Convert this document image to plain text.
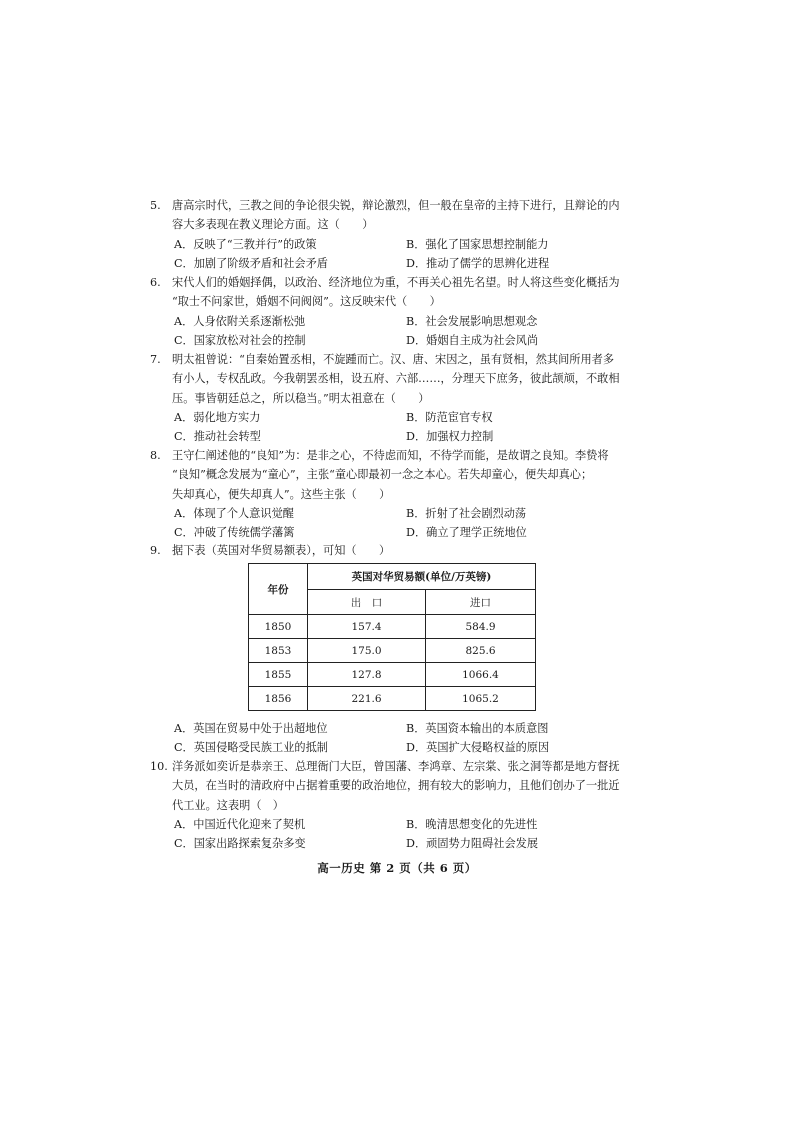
5. 唐高宗时代，三教之间的争论很尖锐，辩论激烈，但一般在皇帝的主持下进行，且辩论的内
容大多表现在教义理论方面。这（　　）
A．反映了“三教并行”的政策	B．强化了国家思想控制能力
C．加剧了阶级矛盾和社会矛盾	D．推动了儒学的思辨化进程
6. 宋代人们的婚姻择偶，以政治、经济地位为重，不再关心祖先名望。时人将这些变化概括为
“取士不问家世，婚姻不问阀阅”。这反映宋代（　　）
A．人身依附关系逐渐松弛	B．社会发展影响思想观念
C．国家放松对社会的控制	D．婚姻自主成为社会风尚
7. 明太祖曾说：“自秦始置丞相，不旋踵而亡。汉、唐、宋因之，虽有贤相，然其间所用者多
有小人，专权乱政。今我朝罢丞相，设五府、六部……，分理天下庶务，彼此颉颃，不敢相
压。事皆朝廷总之，所以稳当。”明太祖意在（　　）
A．弱化地方实力	B．防范宦官专权
C．推动社会转型	D．加强权力控制
8. 王守仁阐述他的“良知”为：是非之心，不待虑而知，不待学而能，是故谓之良知。李贽将
“良知”概念发展为“童心”，主张“童心即最初一念之本心。若失却童心，便失却真心；
失却真心，便失却真人”。这些主张（　　）
A．体现了个人意识觉醒	B．折射了社会剧烈动荡
C．冲破了传统儒学藩篱	D．确立了理学正统地位
9. 据下表（英国对华贸易额表），可知（　　）
年份	英国对华贸易额(单位/万英镑)	
	出　口	进口
1850	157.4	584.9
1853	175.0	825.6
1855	127.8	1066.4
1856	221.6	1065.2
A．英国在贸易中处于出超地位	B．英国资本输出的本质意图
C．英国侵略受民族工业的抵制	D．英国扩大侵略权益的原因
10. 洋务派如奕䜣是恭亲王、总理衙门大臣，曾国藩、李鸿章、左宗棠、张之洞等都是地方督抚
大员，在当时的清政府中占据着重要的政治地位，拥有较大的影响力，且他们创办了一批近
代工业。这表明（　）
A．中国近代化迎来了契机	B．晚清思想变化的先进性
C．国家出路探索复杂多变	D．顽固势力阻碍社会发展
高一历史 第 2 页（共 6 页）
